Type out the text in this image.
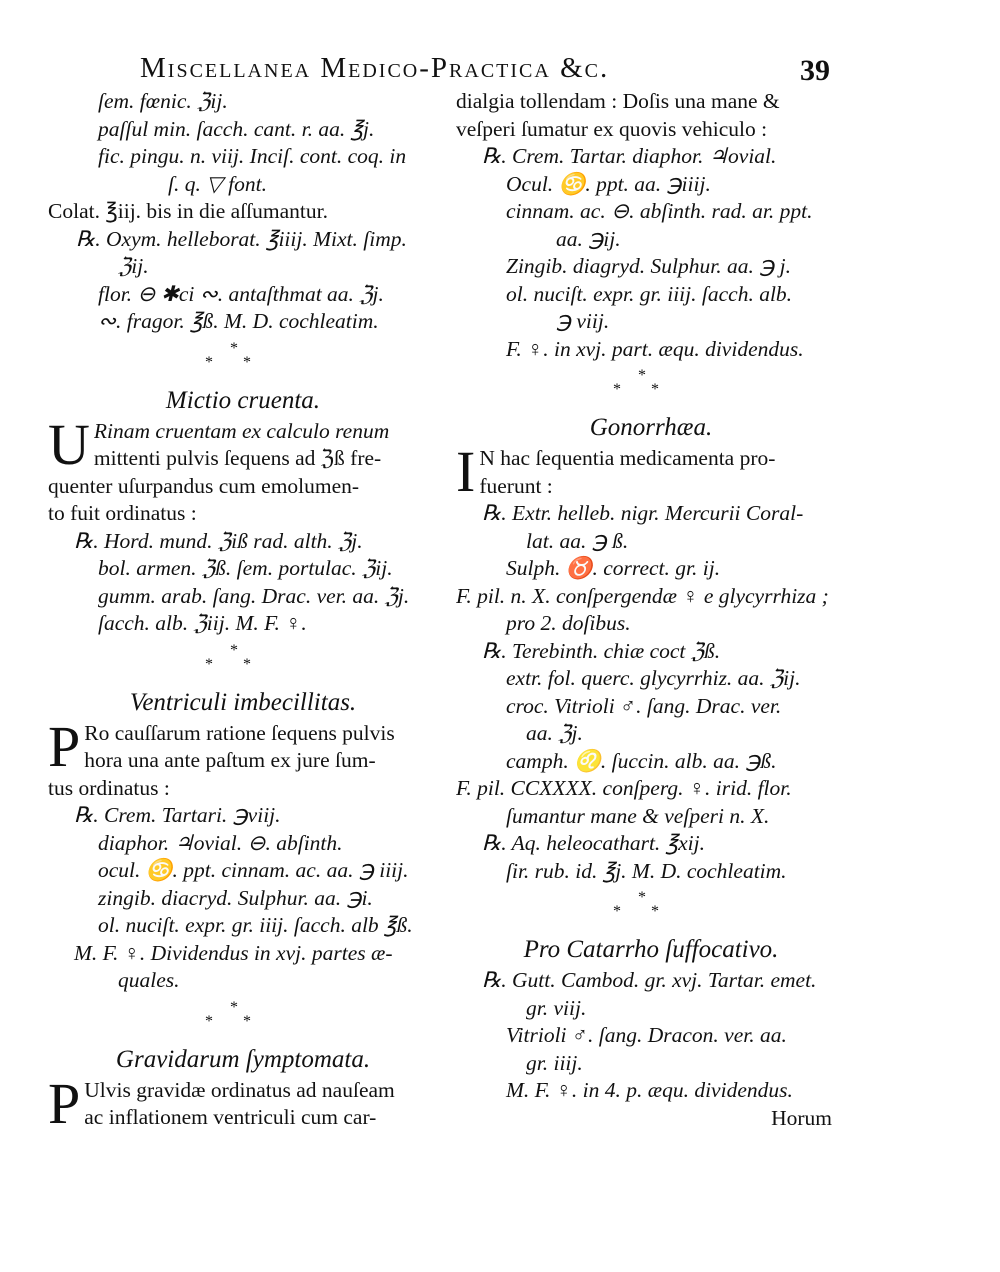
Miscellanea Medico-Practica &c.	39
ſem. fœnic. ℨij.
paſſul min. ſacch. cant. r. aa. ℥j.
fic. pingu. n. viij. Inciſ. cont. coq. in
ſ. q. ▽ font.
Colat. ℥iij. bis in die aſſumantur.
℞. Oxym. helleborat. ℥iiij. Mixt. ſimp.
ℨij.
flor. ⊖ ✱ci ∾. antaſthmat aa. ℨj.
∾. fragor. ℥ß. M. D. cochleatim.
*
**
Mictio cruenta.
U Rinam cruentam ex calculo renum
mittenti pulvis ſequens ad ℨß fre-
quenter uſurpandus cum emolumen-
to fuit ordinatus :
℞. Hord. mund. ℨiß rad. alth. ℨj.
bol. armen. ℨß. ſem. portulac. ℨij.
gumm. arab. ſang. Drac. ver. aa. ℨj.
ſacch. alb. ℨiij. M. F. ♀.
*
**
Ventriculi imbecillitas.
P Ro cauſſarum ratione ſequens pulvis
hora una ante paſtum ex jure ſum-
tus ordinatus :
℞. Crem. Tartari. ℈viij.
diaphor. ♃ovial. ⊖. abſinth.
ocul. ♋. ppt. cinnam. ac. aa. ℈ iiij.
zingib. diacryd. Sulphur. aa. ℈i.
ol. nuciſt. expr. gr. iiij. ſacch. alb ℥ß.
M. F. ♀. Dividendus in xvj. partes æ-
quales.
*
**
Gravidarum ſymptomata.
P Ulvis gravidæ ordinatus ad nauſeam
ac inflationem ventriculi cum car-
dialgia tollendam : Doſis una mane &
veſperi ſumatur ex quovis vehiculo :
℞. Crem. Tartar. diaphor. ♃ovial.
Ocul. ♋. ppt. aa. ℈iiij.
cinnam. ac. ⊖. abſinth. rad. ar. ppt.
aa. ℈ij.
Zingib. diagryd. Sulphur. aa. ℈ j.
ol. nuciſt. expr. gr. iiij. ſacch. alb.
℈ viij.
F. ♀. in xvj. part. æqu. dividendus.
*
**
Gonorrhæa.
I N hac ſequentia medicamenta pro-
fuerunt :
℞. Extr. helleb. nigr. Mercurii Coral-
lat. aa. ℈ ß.
Sulph. ♉. correct. gr. ij.
F. pil. n. X. conſpergendæ ♀ e glycyrrhiza ;
pro 2. doſibus.
℞. Terebinth. chiæ coct ℨß.
extr. fol. querc. glycyrrhiz. aa. ℨij.
croc. Vitrioli ♂. ſang. Drac. ver.
aa. ℨj.
camph. ♌. ſuccin. alb. aa. ℈ß.
F. pil. CCXXXX. conſperg. ♀. irid. flor.
ſumantur mane & veſperi n. X.
℞. Aq. heleocathart. ℥xij.
ſir. rub. id. ℥j. M. D. cochleatim.
*
**
Pro Catarrho ſuffocativo.
℞. Gutt. Cambod. gr. xvj. Tartar. emet.
gr. viij.
Vitrioli ♂. ſang. Dracon. ver. aa.
gr. iiij.
M. F. ♀. in 4. p. æqu. dividendus.
Horum
